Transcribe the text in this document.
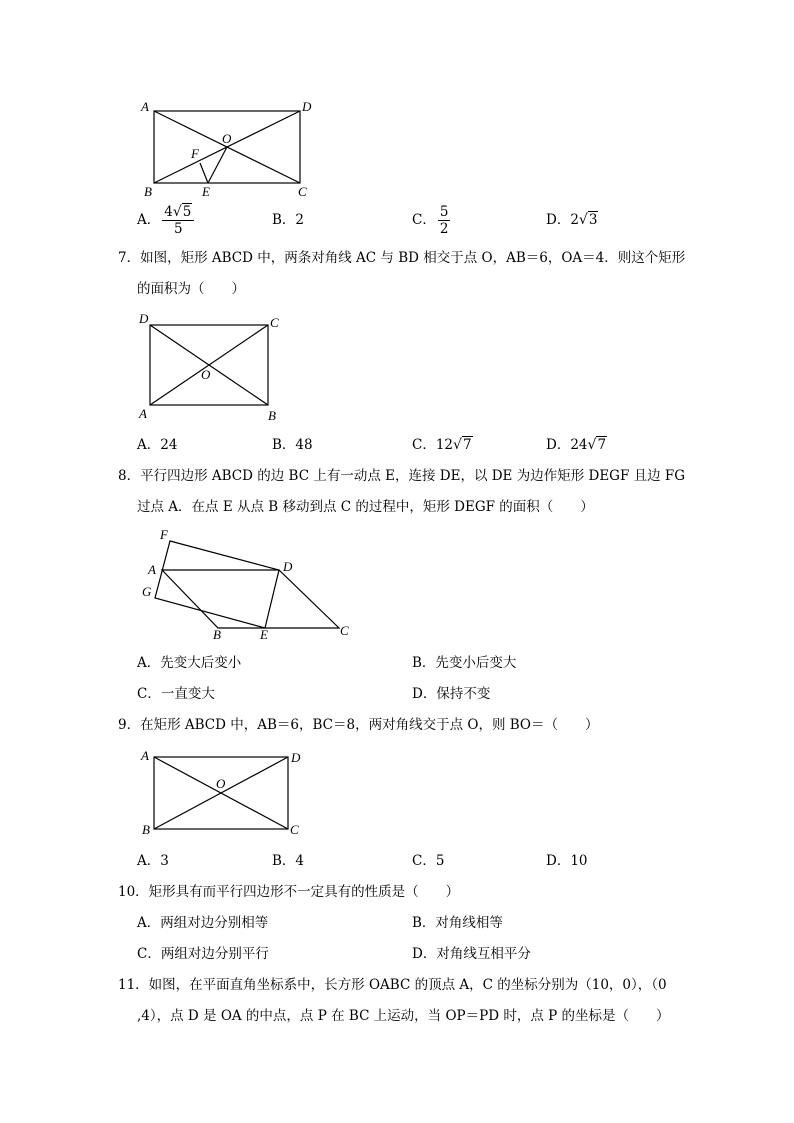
A	D
O
F
B	E	C
A． $\frac{4√5}{5}$	B．2	C． $\frac{5}{2}$	D．2√3
7．如图，矩形 ABCD 中，两条对角线 AC 与 BD 相交于点 O，AB＝6，OA＝4．则这个矩形
的面积为（　　）
D	C
O
A	B
A．24	B．48	C．12√7	D．24√7
8．平行四边形 ABCD 的边 BC 上有一动点 E，连接 DE，以 DE 为边作矩形 DEGF 且边 FG
过点 A．在点 E 从点 B 移动到点 C 的过程中，矩形 DEGF 的面积（　　）
F
A	D
G
B	E	C
A．先变大后变小	B．先变小后变大
C．一直变大	D．保持不变
9．在矩形 ABCD 中，AB＝6，BC＝8，两对角线交于点 O，则 BO＝（　　）
A	D
O
B	C
A．3	B．4	C．5	D．10
10．矩形具有而平行四边形不一定具有的性质是（　　）
A．两组对边分别相等	B．对角线相等
C．两组对边分别平行	D．对角线互相平分
11．如图，在平面直角坐标系中，长方形 OABC 的顶点 A，C 的坐标分别为（10，0），（0
,4），点 D 是 OA 的中点，点 P 在 BC 上运动，当 OP＝PD 时，点 P 的坐标是（　　）
